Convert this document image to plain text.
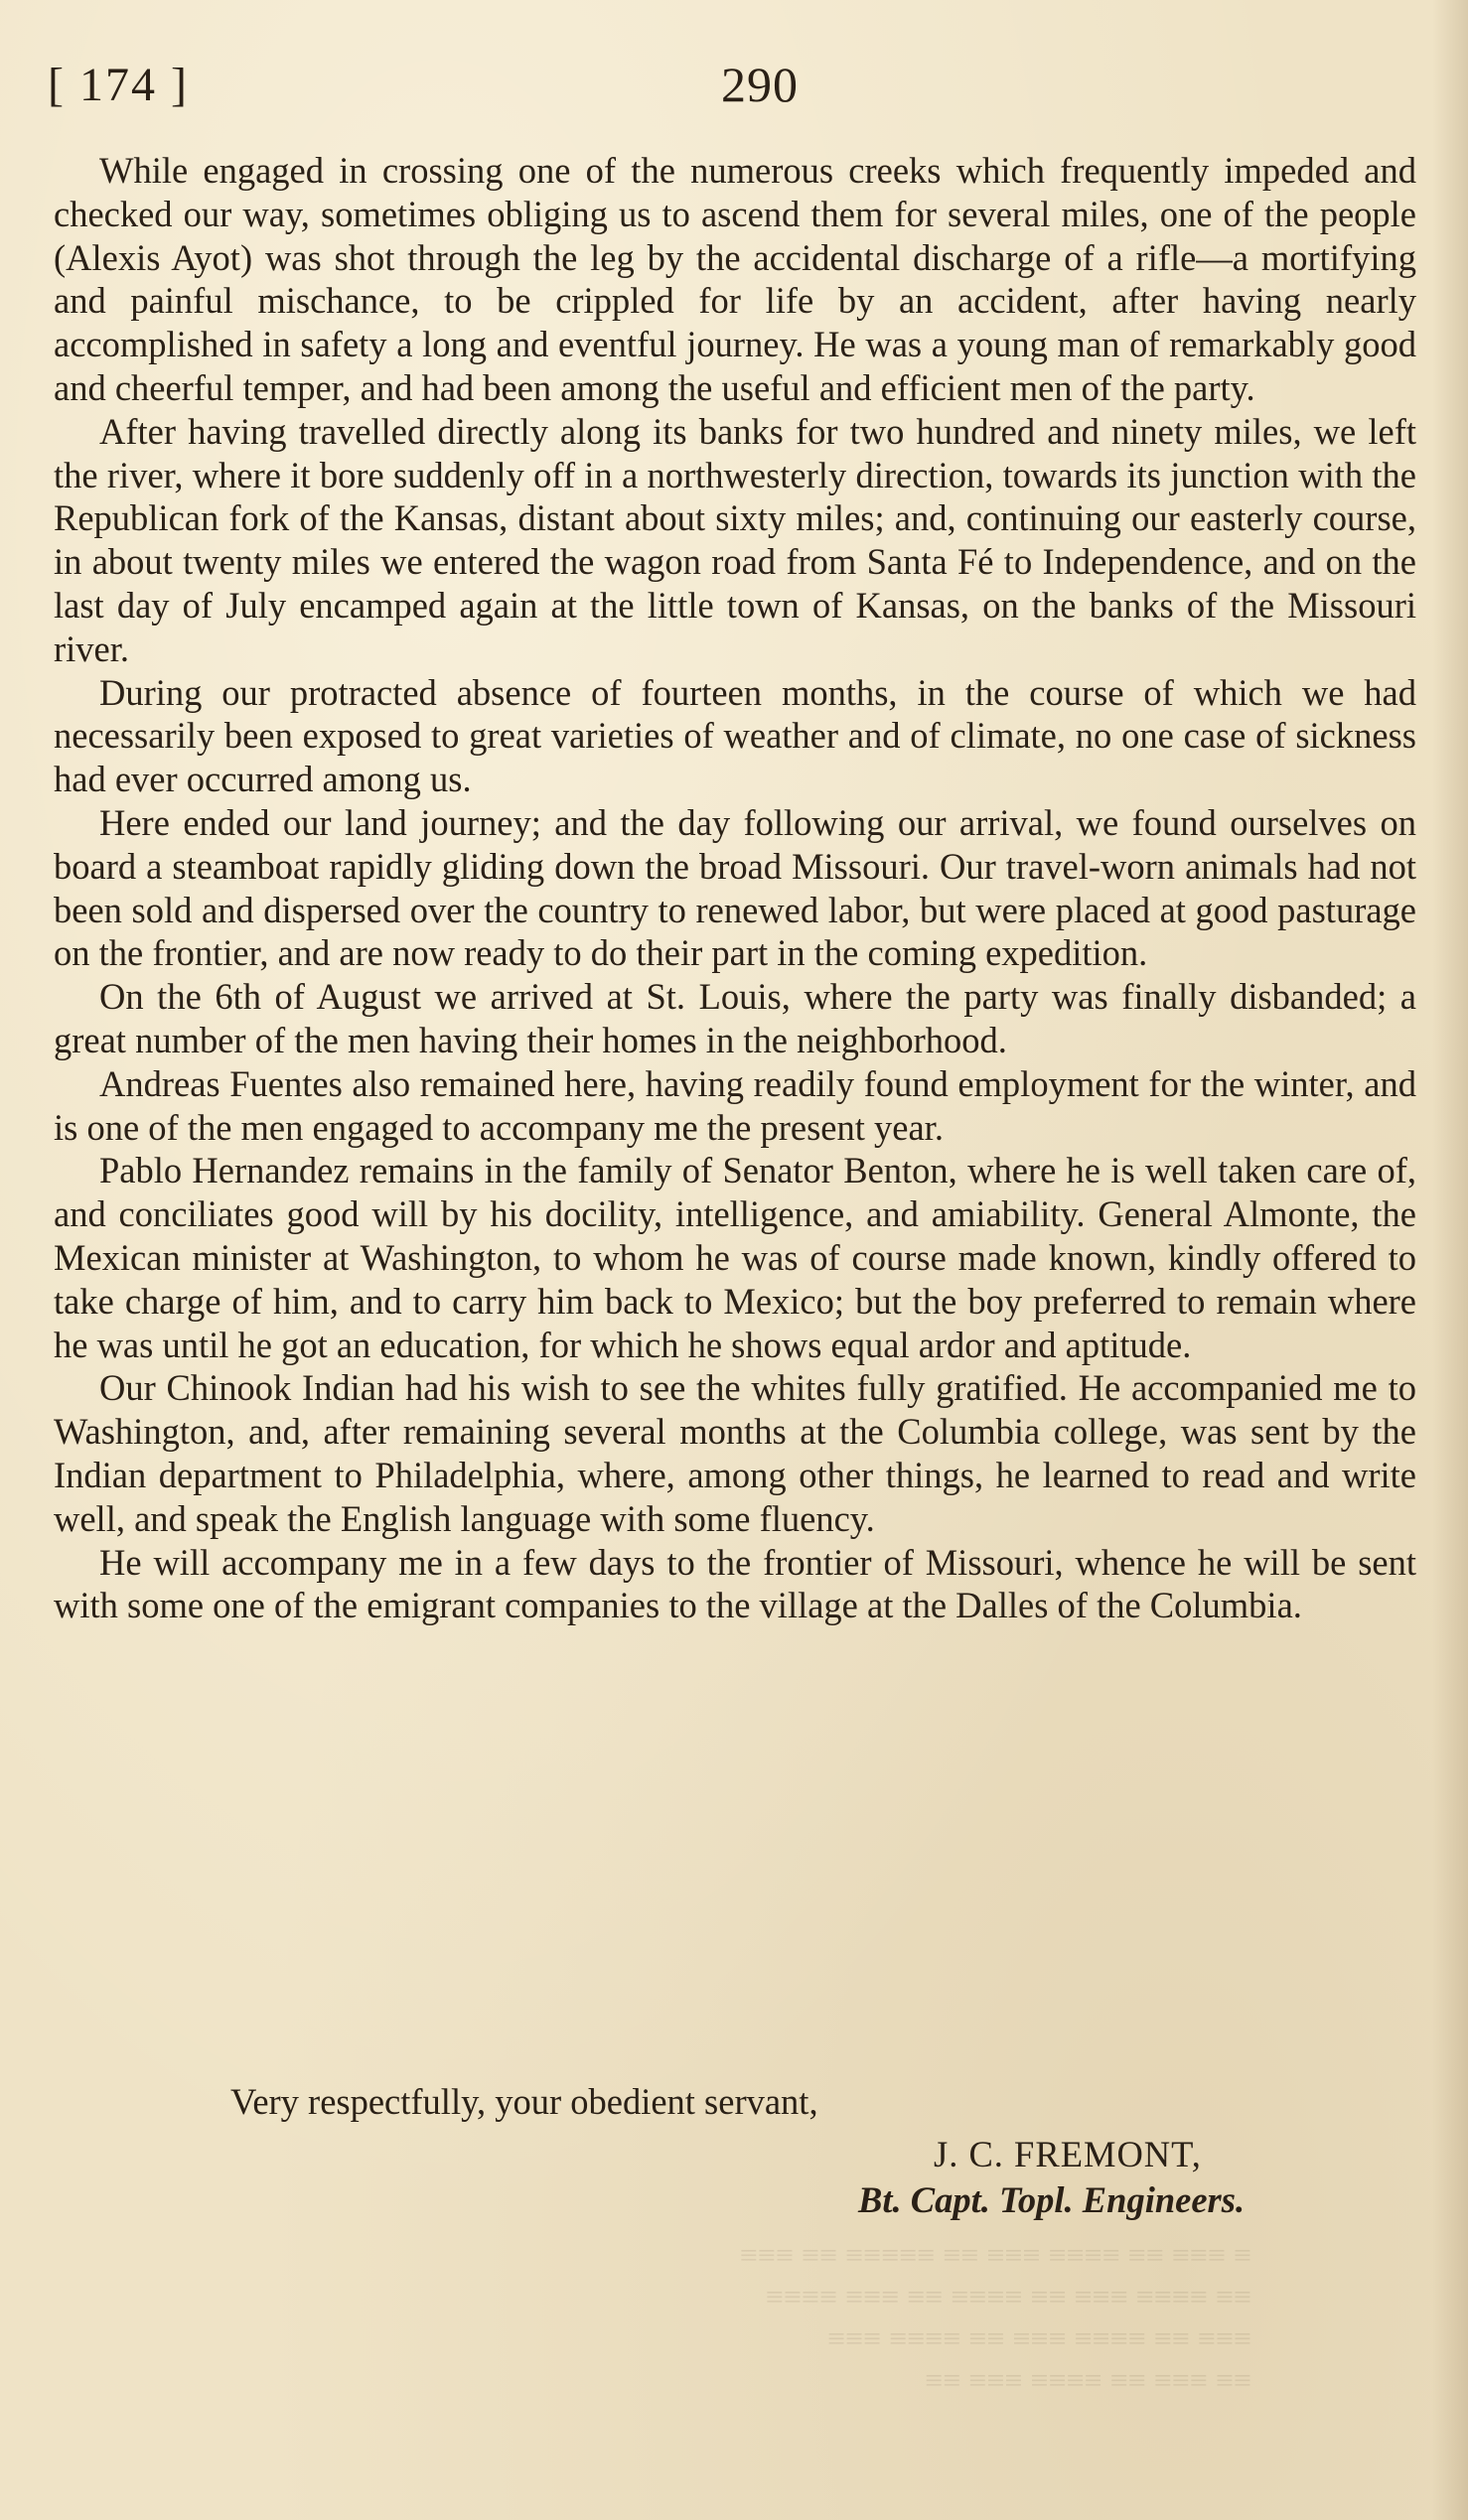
[ 174 ]	290

While engaged in crossing one of the numerous creeks which frequently impeded and checked our way, sometimes obliging us to ascend them for several miles, one of the people (Alexis Ayot) was shot through the leg by the accidental discharge of a rifle—a mortifying and painful mischance, to be crippled for life by an accident, after having nearly accomplished in safety a long and eventful journey. He was a young man of remarkably good and cheerful temper, and had been among the useful and efficient men of the party.

After having travelled directly along its banks for two hundred and ninety miles, we left the river, where it bore suddenly off in a northwesterly direction, towards its junction with the Republican fork of the Kansas, distant about sixty miles; and, continuing our easterly course, in about twenty miles we entered the wagon road from Santa Fé to Independence, and on the last day of July encamped again at the little town of Kansas, on the banks of the Missouri river.

During our protracted absence of fourteen months, in the course of which we had necessarily been exposed to great varieties of weather and of climate, no one case of sickness had ever occurred among us.

Here ended our land journey; and the day following our arrival, we found ourselves on board a steamboat rapidly gliding down the broad Missouri. Our travel-worn animals had not been sold and dispersed over the country to renewed labor, but were placed at good pasturage on the frontier, and are now ready to do their part in the coming expedition.

On the 6th of August we arrived at St. Louis, where the party was finally disbanded; a great number of the men having their homes in the neighborhood.

Andreas Fuentes also remained here, having readily found employment for the winter, and is one of the men engaged to accompany me the present year.

Pablo Hernandez remains in the family of Senator Benton, where he is well taken care of, and conciliates good will by his docility, intelligence, and amiability. General Almonte, the Mexican minister at Washington, to whom he was of course made known, kindly offered to take charge of him, and to carry him back to Mexico; but the boy preferred to remain where he was until he got an education, for which he shows equal ardor and aptitude.

Our Chinook Indian had his wish to see the whites fully gratified. He accompanied me to Washington, and, after remaining several months at the Columbia college, was sent by the Indian department to Philadelphia, where, among other things, he learned to read and write well, and speak the English language with some fluency.

He will accompany me in a few days to the frontier of Missouri, whence he will be sent with some one of the emigrant companies to the village at the Dalles of the Columbia.

Very respectfully, your obedient servant,
J. C. FREMONT,
Bt. Capt. Topl. Engineers.
≡ ≡≡≡ ≡≡ ≡≡≡≡ ≡≡≡ ≡≡ ≡≡≡≡≡ ≡≡ ≡≡≡
≡≡ ≡≡≡≡ ≡≡≡ ≡≡ ≡≡≡≡ ≡≡ ≡≡≡ ≡≡≡≡
≡≡≡ ≡≡ ≡≡≡≡ ≡≡≡ ≡≡ ≡≡≡≡ ≡≡≡
≡≡ ≡≡≡ ≡≡ ≡≡≡≡ ≡≡≡ ≡≡
